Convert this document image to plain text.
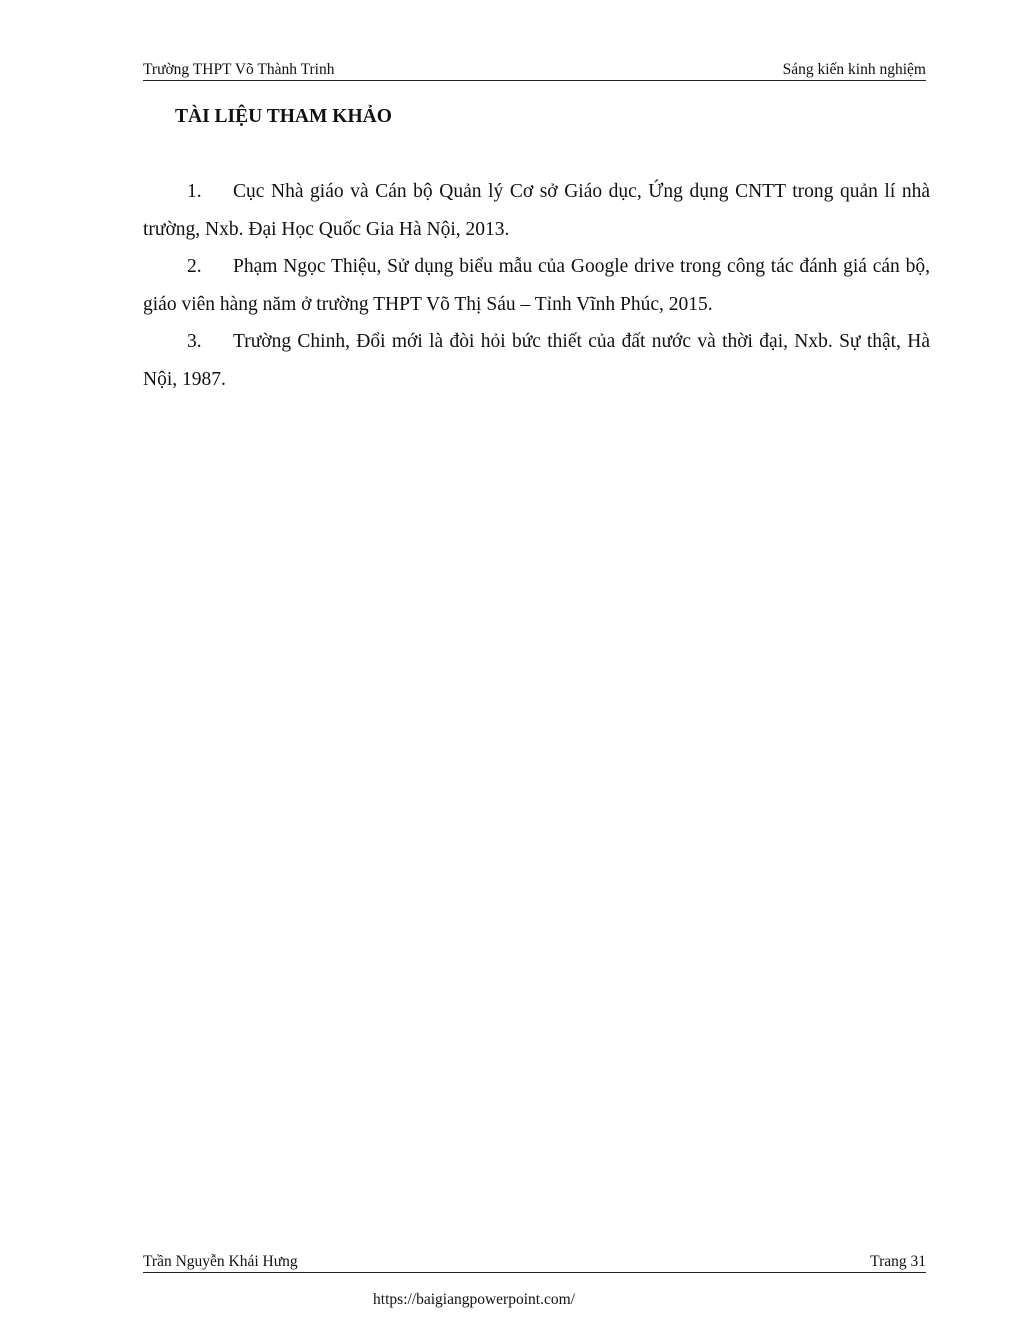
Trường THPT Võ Thành Trinh	Sáng kiến kinh nghiệm
TÀI LIỆU THAM KHẢO
1. Cục Nhà giáo và Cán bộ Quản lý Cơ sở Giáo dục, Ứng dụng CNTT trong quản lí nhà trường, Nxb. Đại Học Quốc Gia Hà Nội, 2013.
2. Phạm Ngọc Thiệu, Sử dụng biểu mẫu của Google drive trong công tác đánh giá cán bộ, giáo viên hàng năm ở trường THPT Võ Thị Sáu – Tỉnh Vĩnh Phúc, 2015.
3. Trường Chinh, Đổi mới là đòi hỏi bức thiết của đất nước và thời đại, Nxb. Sự thật, Hà Nội, 1987.
Trần Nguyễn Khái Hưng	Trang 31
https://baigiangpowerpoint.com/
